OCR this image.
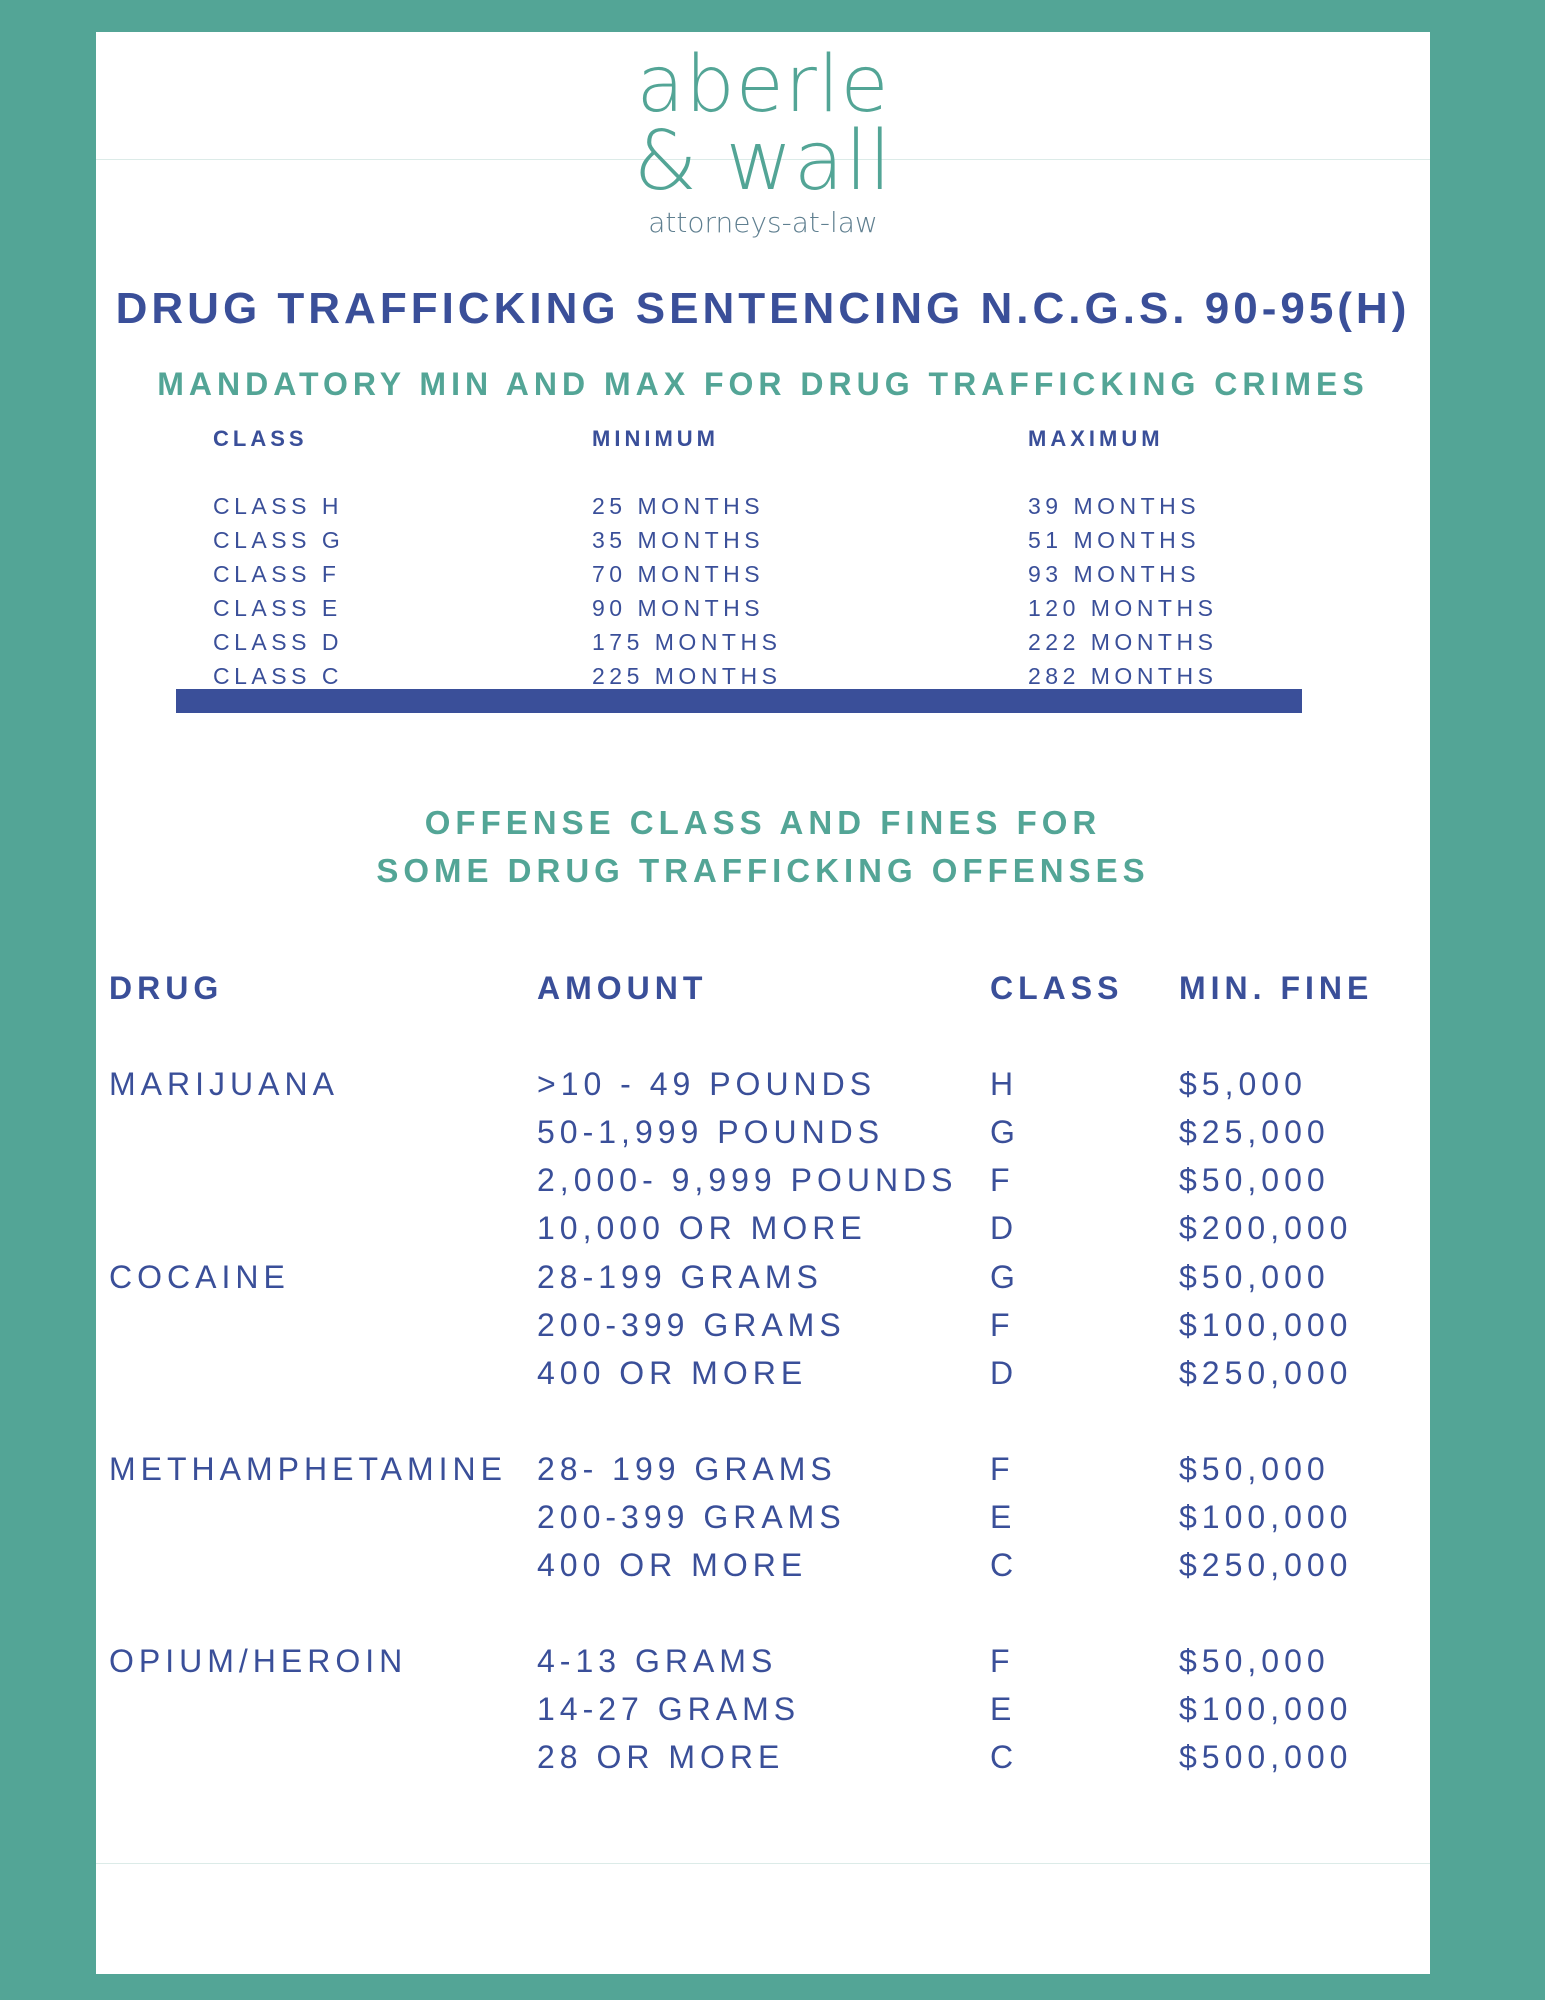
aberle
& wall
attorneys-at-law
DRUG TRAFFICKING SENTENCING N.C.G.S. 90-95(H)
MANDATORY MIN AND MAX FOR DRUG TRAFFICKING CRIMES
CLASS	MINIMUM	MAXIMUM
CLASS H	25 MONTHS	39 MONTHS
CLASS G	35 MONTHS	51 MONTHS
CLASS F	70 MONTHS	93 MONTHS
CLASS E	90 MONTHS	120 MONTHS
CLASS D	175 MONTHS	222 MONTHS
CLASS C	225 MONTHS	282 MONTHS
OFFENSE CLASS AND FINES FOR
SOME DRUG TRAFFICKING OFFENSES
DRUG	AMOUNT	CLASS MIN. FINE
MARIJUANA	>10 - 49 POUNDS	H	$5,000
50-1,999 POUNDS	G	$25,000
2,000- 9,999 POUNDS F	$50,000
10,000 OR MORE	D	$200,000
COCAINE	28-199 GRAMS	G	$50,000
200-399 GRAMS	F	$100,000
400 OR MORE	D	$250,000
METHAMPHETAMINE 28- 199 GRAMS	F	$50,000
200-399 GRAMS	E	$100,000
400 OR MORE	C	$250,000
OPIUM/HEROIN	4-13 GRAMS	F	$50,000
14-27 GRAMS	E	$100,000
28 OR MORE	C	$500,000
